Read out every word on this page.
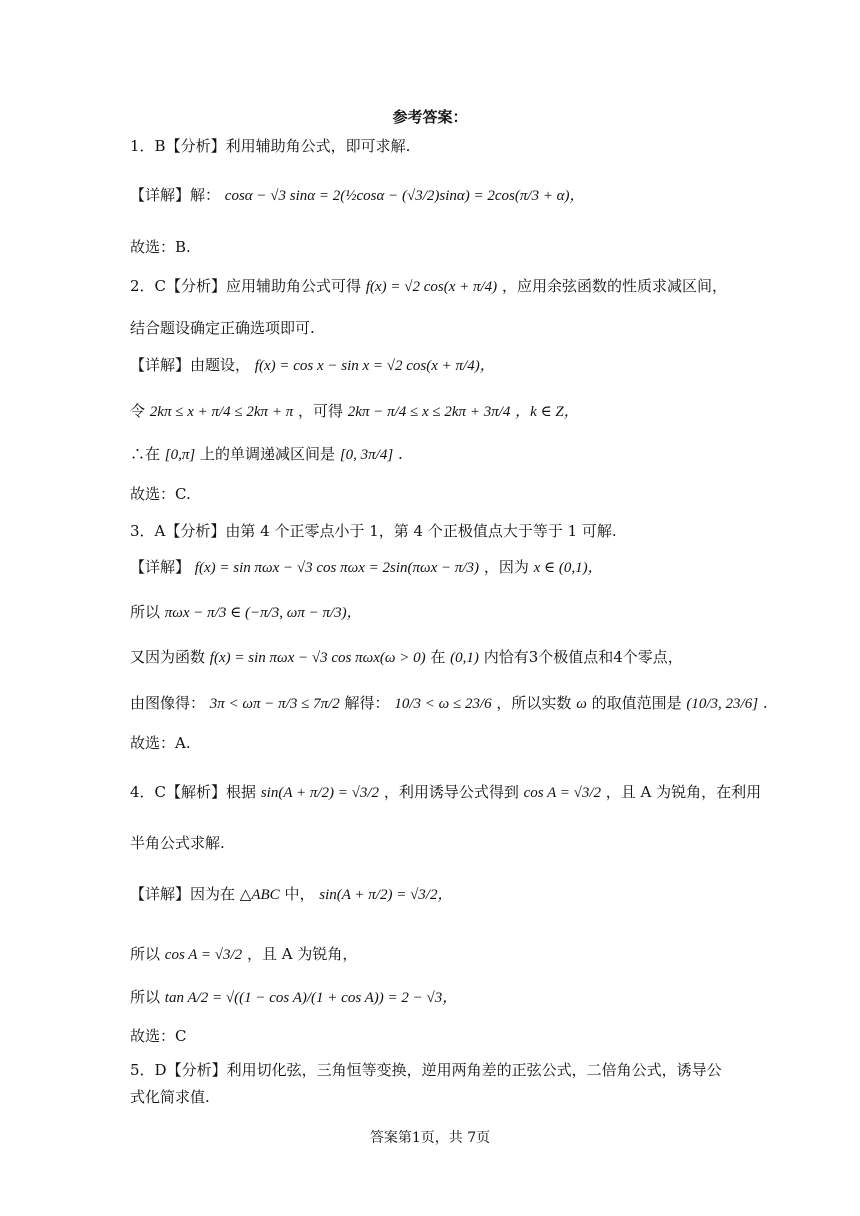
参考答案：
1．B【分析】利用辅助角公式，即可求解.
【详解】解： cosα − √3 sinα = 2(½cosα − (√3/2)sinα) = 2cos(π/3 + α)，
故选：B.
2．C【分析】应用辅助角公式可得 f(x) = √2 cos(x + π/4) ，应用余弦函数的性质求减区间，
结合题设确定正确选项即可.
【详解】由题设， f(x) = cos x − sin x = √2 cos(x + π/4)，
令 2kπ ≤ x + π/4 ≤ 2kπ + π ，可得 2kπ − π/4 ≤ x ≤ 2kπ + 3π/4 ，k ∈ Z，
∴在 [0,π] 上的单调递减区间是 [0, 3π/4] .
故选：C.
3．A【分析】由第 4 个正零点小于 1，第 4 个正极值点大于等于 1 可解.
【详解】 f(x) = sin πωx − √3 cos πωx = 2sin(πωx − π/3) ，因为 x ∈ (0,1)，
所以 πωx − π/3 ∈ (−π/3, ωπ − π/3)，
又因为函数 f(x) = sin πωx − √3 cos πωx(ω > 0) 在 (0,1) 内恰有3个极值点和4个零点，
由图像得： 3π < ωπ − π/3 ≤ 7π/2 解得： 10/3 < ω ≤ 23/6 ，所以实数 ω 的取值范围是 (10/3, 23/6] .
故选：A.
4．C【解析】根据 sin(A + π/2) = √3/2 ，利用诱导公式得到 cos A = √3/2 ，且 A 为锐角，在利用
半角公式求解.
【详解】因为在 △ABC 中， sin(A + π/2) = √3/2，
所以 cos A = √3/2 ，且 A 为锐角，
所以 tan A/2 = √((1 − cos A)/(1 + cos A)) = 2 − √3，
故选：C
5．D【分析】利用切化弦，三角恒等变换，逆用两角差的正弦公式，二倍角公式，诱导公
式化简求值.
答案第1页，共 7页
